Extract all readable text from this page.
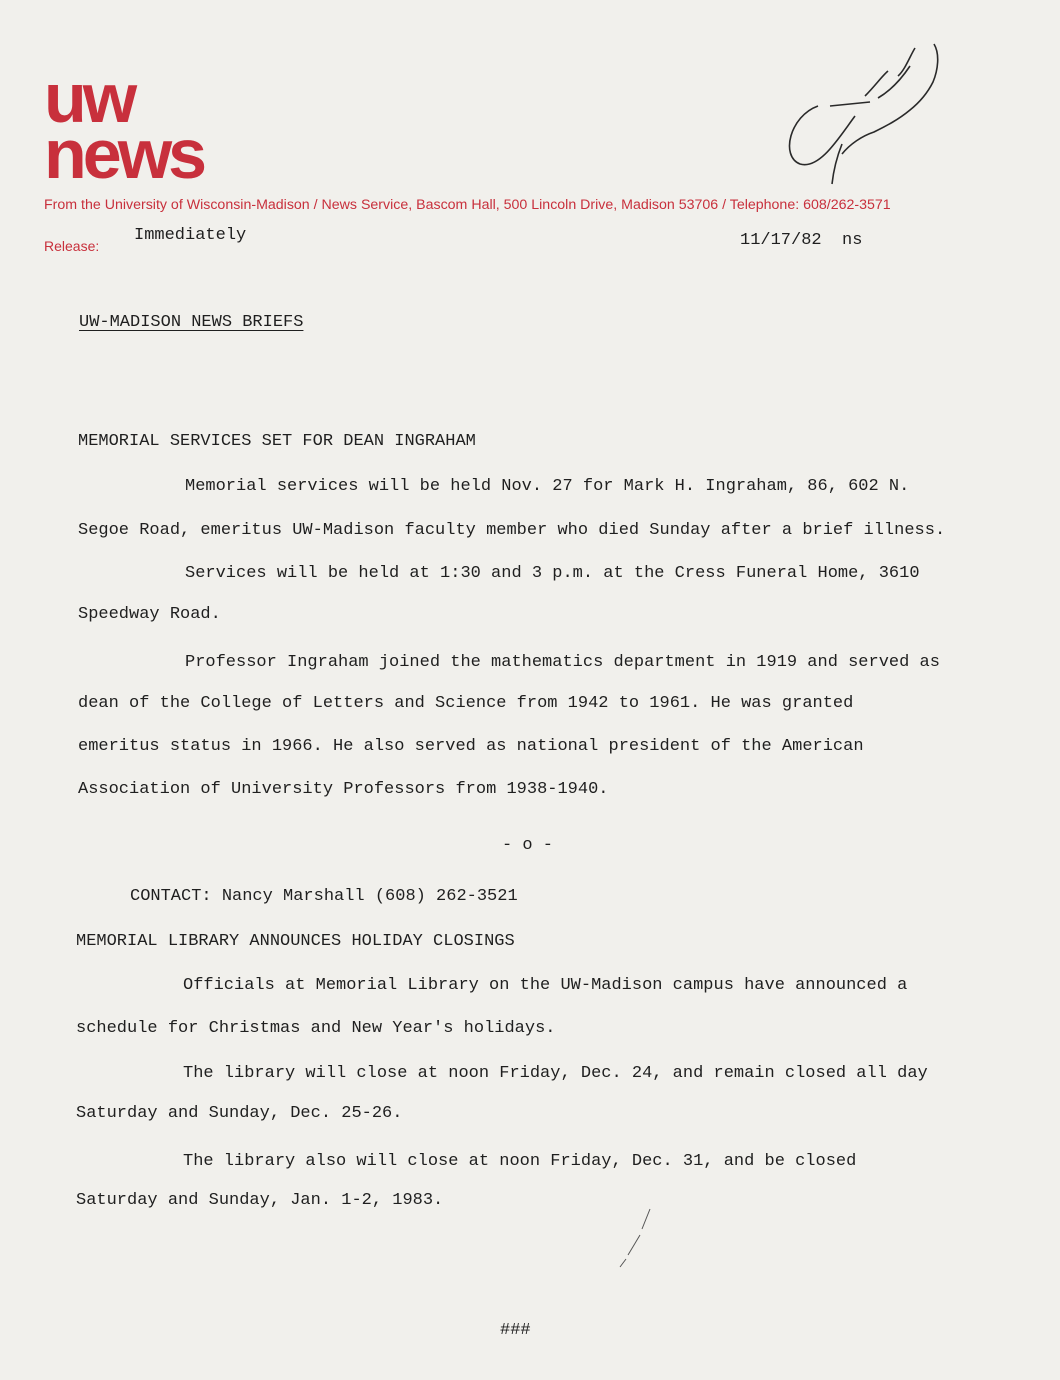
uw
news	Libraries Memorial
From the University of Wisconsin-Madison / News Service, Bascom Hall, 500 Lincoln Drive, Madison 53706 / Telephone: 608/262-3571
Release:
Immediately	11/17/82  ns
UW-MADISON NEWS BRIEFS
MEMORIAL SERVICES SET FOR DEAN INGRAHAM
Memorial services will be held Nov. 27 for Mark H. Ingraham, 86, 602 N.
Segoe Road, emeritus UW-Madison faculty member who died Sunday after a brief illness.
Services will be held at 1:30 and 3 p.m. at the Cress Funeral Home, 3610
Speedway Road.
Professor Ingraham joined the mathematics department in 1919 and served as
dean of the College of Letters and Science from 1942 to 1961. He was granted
emeritus status in 1966. He also served as national president of the American
Association of University Professors from 1938-1940.
- o -
CONTACT: Nancy Marshall (608) 262-3521
MEMORIAL LIBRARY ANNOUNCES HOLIDAY CLOSINGS
Officials at Memorial Library on the UW-Madison campus have announced a
schedule for Christmas and New Year's holidays.
The library will close at noon Friday, Dec. 24, and remain closed all day
Saturday and Sunday, Dec. 25-26.
The library also will close at noon Friday, Dec. 31, and be closed
Saturday and Sunday, Jan. 1-2, 1983.
###
